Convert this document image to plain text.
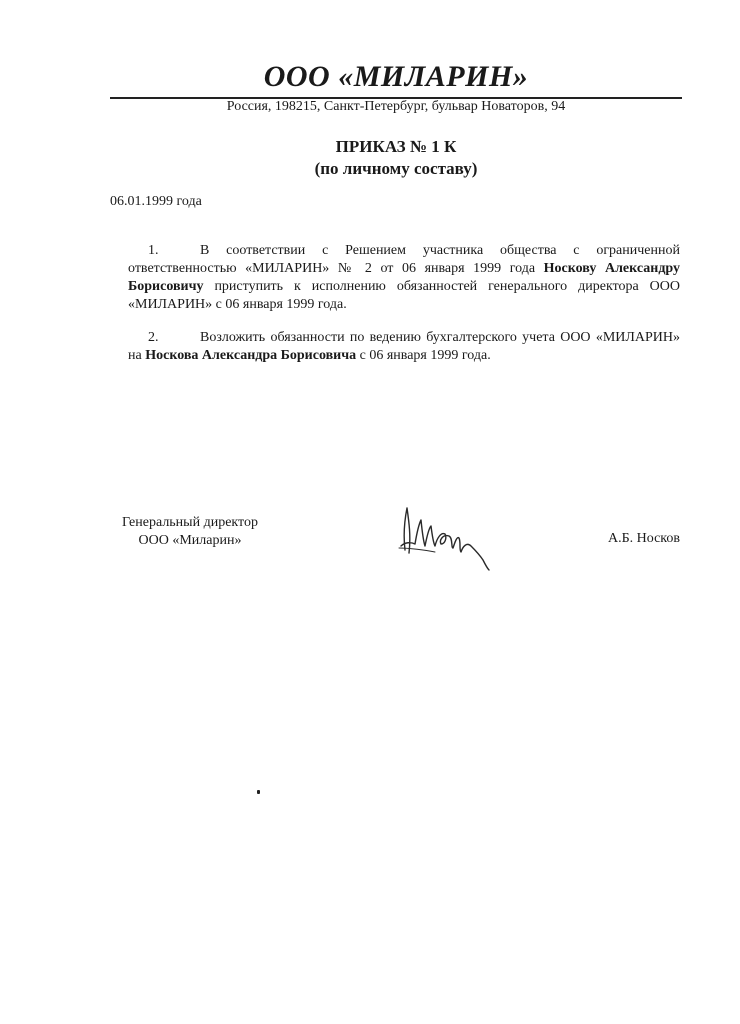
ООО «МИЛАРИН»
Россия, 198215, Санкт-Петербург, бульвар Новаторов, 94
ПРИКАЗ № 1 К
(по личному составу)
06.01.1999 года
1.	В соответствии с Решением участника общества с ограниченной ответственностью «МИЛАРИН» № 2 от 06 января 1999 года Носкову Александру Борисовичу приступить к исполнению обязанностей генерального директора ООО «МИЛАРИН» с 06 января 1999 года.
2.	Возложить обязанности по ведению бухгалтерского учета ООО «МИЛАРИН» на Носкова Александра Борисовича с 06 января 1999 года.
Генеральный директор
ООО «Миларин»	А.Б. Носков
